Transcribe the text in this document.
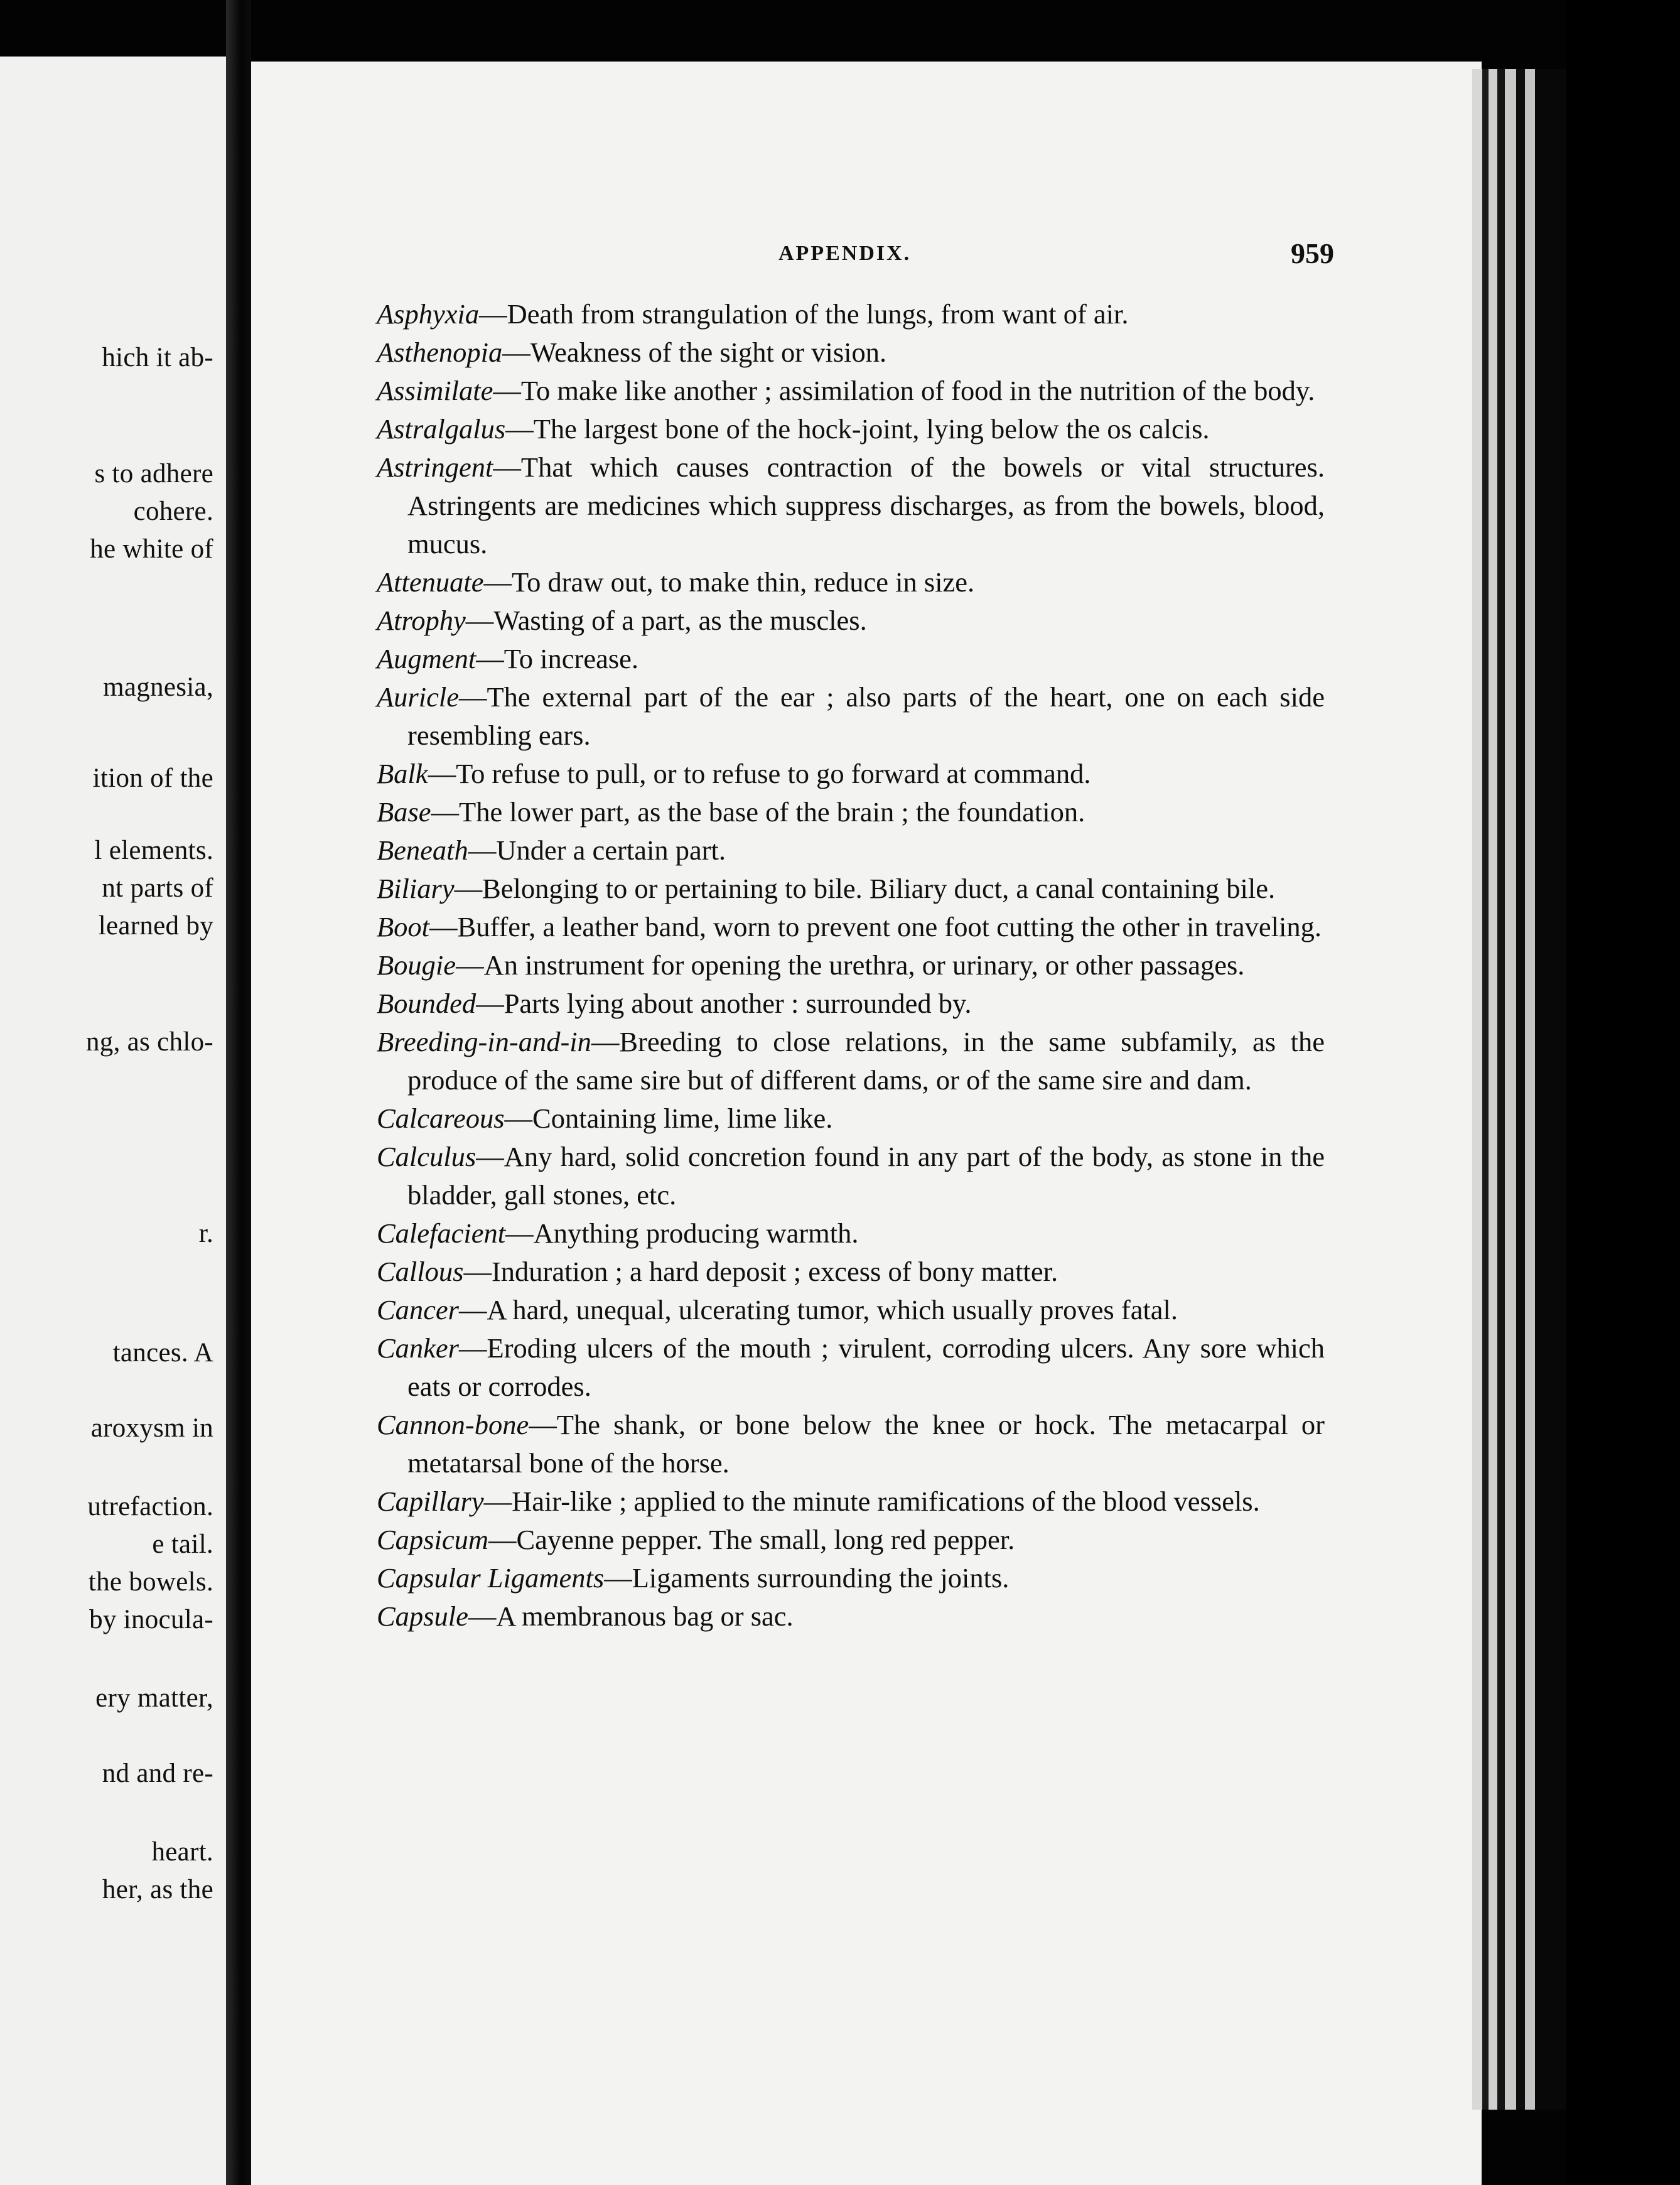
hich it ab-
s to adhere
cohere.
he white of
magnesia,
ition of the
l elements.
nt parts of
learned by
ng, as chlo-
r.
tances. A
aroxysm in
utrefaction.
e tail.
the bowels.
by inocula-
ery matter,
nd and re-
heart.
her, as the
APPENDIX.	959

Asphyxia—Death from strangulation of the lungs, from want of air.

Asthenopia—Weakness of the sight or vision.

Assimilate—To make like another ; assimilation of food in the nutrition of the body.

Astralgalus—The largest bone of the hock-joint, lying below the os calcis.

Astringent—That which causes contraction of the bowels or vital structures. Astringents are medicines which suppress discharges, as from the bowels, blood, mucus.

Attenuate—To draw out, to make thin, reduce in size.

Atrophy—Wasting of a part, as the muscles.

Augment—To increase.

Auricle—The external part of the ear ; also parts of the heart, one on each side resembling ears.

Balk—To refuse to pull, or to refuse to go forward at command.

Base—The lower part, as the base of the brain ; the foundation.

Beneath—Under a certain part.

Biliary—Belonging to or pertaining to bile. Biliary duct, a canal containing bile.

Boot—Buffer, a leather band, worn to prevent one foot cutting the other in traveling.

Bougie—An instrument for opening the urethra, or urinary, or other passages.

Bounded—Parts lying about another : surrounded by.

Breeding-in-and-in—Breeding to close relations, in the same subfamily, as the produce of the same sire but of different dams, or of the same sire and dam.

Calcareous—Containing lime, lime like.

Calculus—Any hard, solid concretion found in any part of the body, as stone in the bladder, gall stones, etc.

Calefacient—Anything producing warmth.

Callous—Induration ; a hard deposit ; excess of bony matter.

Cancer—A hard, unequal, ulcerating tumor, which usually proves fatal.

Canker—Eroding ulcers of the mouth ; virulent, corroding ulcers. Any sore which eats or corrodes.

Cannon-bone—The shank, or bone below the knee or hock. The metacarpal or metatarsal bone of the horse.

Capillary—Hair-like ; applied to the minute ramifications of the blood vessels.

Capsicum—Cayenne pepper. The small, long red pepper.

Capsular Ligaments—Ligaments surrounding the joints.

Capsule—A membranous bag or sac.
